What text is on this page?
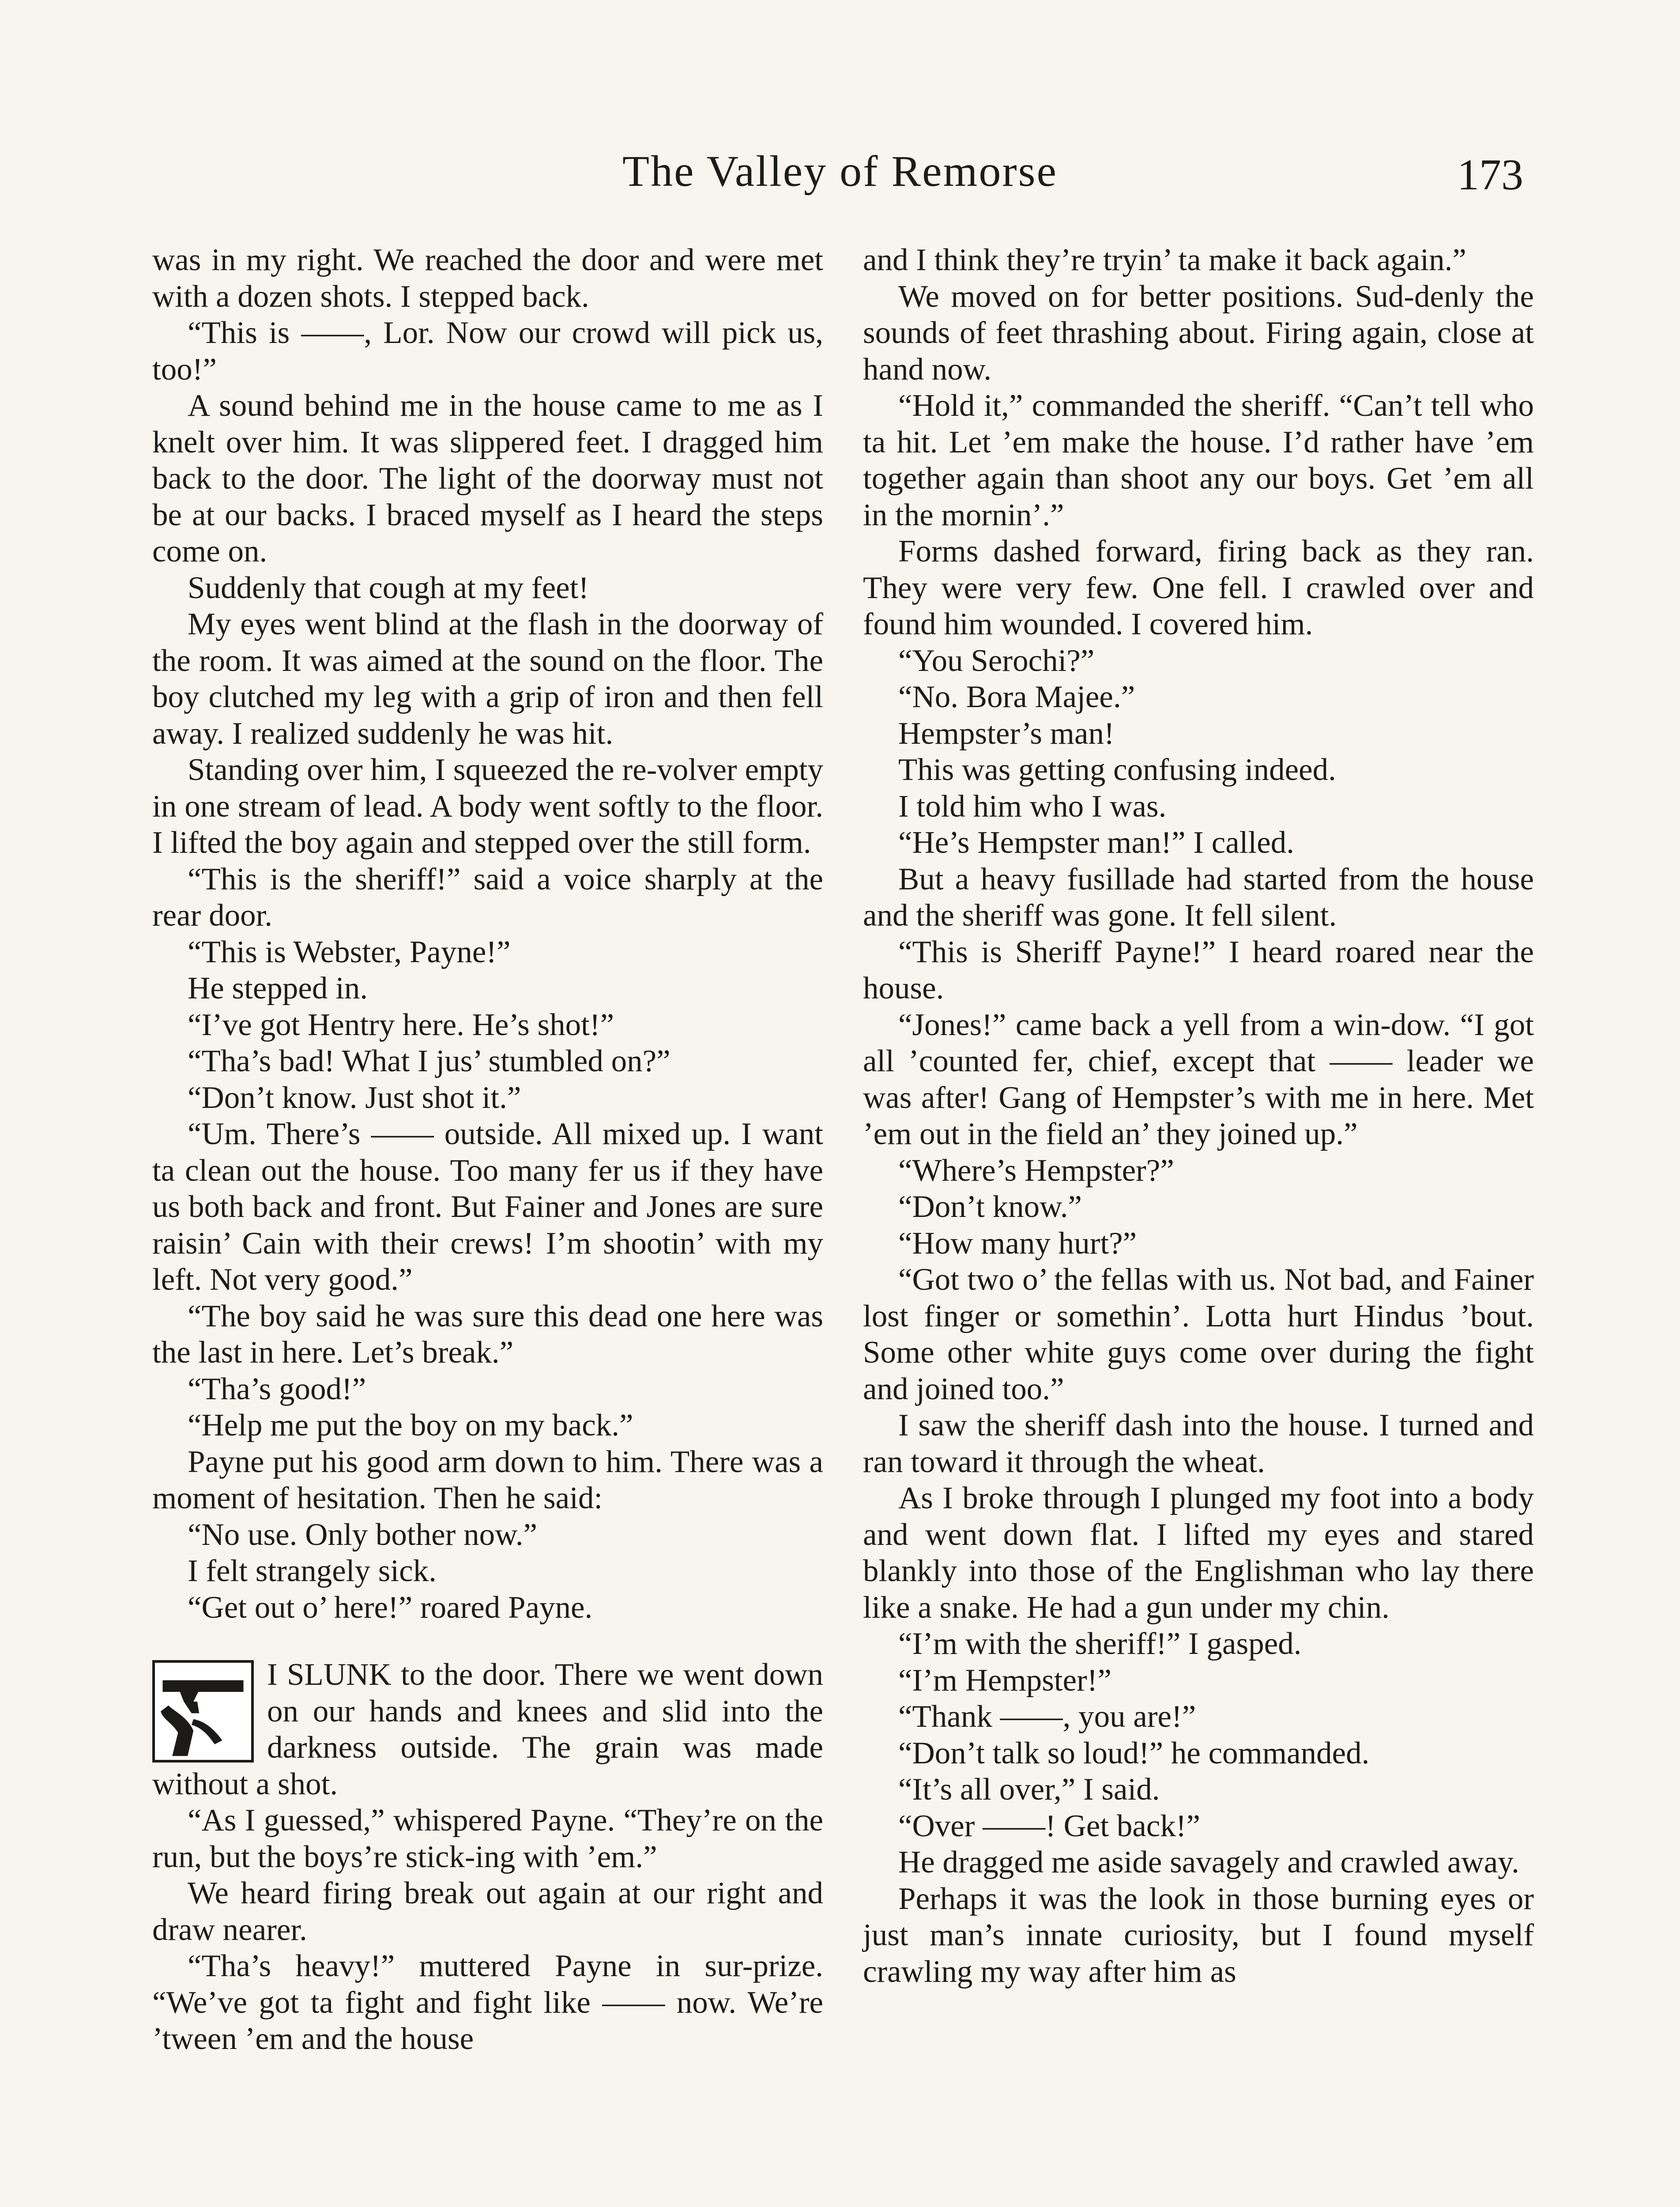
The Valley of Remorse	173

was in my right. We reached the door and were met with a dozen shots. I stepped back.

“This is ——, Lor. Now our crowd will pick us, too!”

A sound behind me in the house came to me as I knelt over him. It was slippered feet. I dragged him back to the door. The light of the doorway must not be at our backs. I braced myself as I heard the steps come on.

Suddenly that cough at my feet!

My eyes went blind at the flash in the doorway of the room. It was aimed at the sound on the floor. The boy clutched my leg with a grip of iron and then fell away. I realized suddenly he was hit.

Standing over him, I squeezed the re-volver empty in one stream of lead. A body went softly to the floor. I lifted the boy again and stepped over the still form.

“This is the sheriff!” said a voice sharply at the rear door.

“This is Webster, Payne!”

He stepped in.

“I’ve got Hentry here. He’s shot!”

“Tha’s bad! What I jus’ stumbled on?”

“Don’t know. Just shot it.”

“Um. There’s —— outside. All mixed up. I want ta clean out the house. Too many fer us if they have us both back and front. But Fainer and Jones are sure raisin’ Cain with their crews! I’m shootin’ with my left. Not very good.”

“The boy said he was sure this dead one here was the last in here. Let’s break.”

“Tha’s good!”

“Help me put the boy on my back.”

Payne put his good arm down to him. There was a moment of hesitation. Then he said:

“No use. Only bother now.”

I felt strangely sick.

“Get out o’ here!” roared Payne.

I SLUNK to the door. There we went down on our hands and knees and slid into the darkness outside. The grain was made without a shot.

“As I guessed,” whispered Payne. “They’re on the run, but the boys’re stick-ing with ’em.”

We heard firing break out again at our right and draw nearer.

“Tha’s heavy!” muttered Payne in sur-prize. “We’ve got ta fight and fight like —— now. We’re ’tween ’em and the house

and I think they’re tryin’ ta make it back again.”

We moved on for better positions. Sud-denly the sounds of feet thrashing about. Firing again, close at hand now.

“Hold it,” commanded the sheriff. “Can’t tell who ta hit. Let ’em make the house. I’d rather have ’em together again than shoot any our boys. Get ’em all in the mornin’.”

Forms dashed forward, firing back as they ran. They were very few. One fell. I crawled over and found him wounded. I covered him.

“You Serochi?”

“No. Bora Majee.”

Hempster’s man!

This was getting confusing indeed.

I told him who I was.

“He’s Hempster man!” I called.

But a heavy fusillade had started from the house and the sheriff was gone. It fell silent.

“This is Sheriff Payne!” I heard roared near the house.

“Jones!” came back a yell from a win-dow. “I got all ’counted fer, chief, except that —— leader we was after! Gang of Hempster’s with me in here. Met ’em out in the field an’ they joined up.”

“Where’s Hempster?”

“Don’t know.”

“How many hurt?”

“Got two o’ the fellas with us. Not bad, and Fainer lost finger or somethin’. Lotta hurt Hindus ’bout. Some other white guys come over during the fight and joined too.”

I saw the sheriff dash into the house. I turned and ran toward it through the wheat.

As I broke through I plunged my foot into a body and went down flat. I lifted my eyes and stared blankly into those of the Englishman who lay there like a snake. He had a gun under my chin.

“I’m with the sheriff!” I gasped.

“I’m Hempster!”

“Thank ——, you are!”

“Don’t talk so loud!” he commanded.

“It’s all over,” I said.

“Over ——! Get back!”

He dragged me aside savagely and crawled away.

Perhaps it was the look in those burning eyes or just man’s innate curiosity, but I found myself crawling my way after him as
